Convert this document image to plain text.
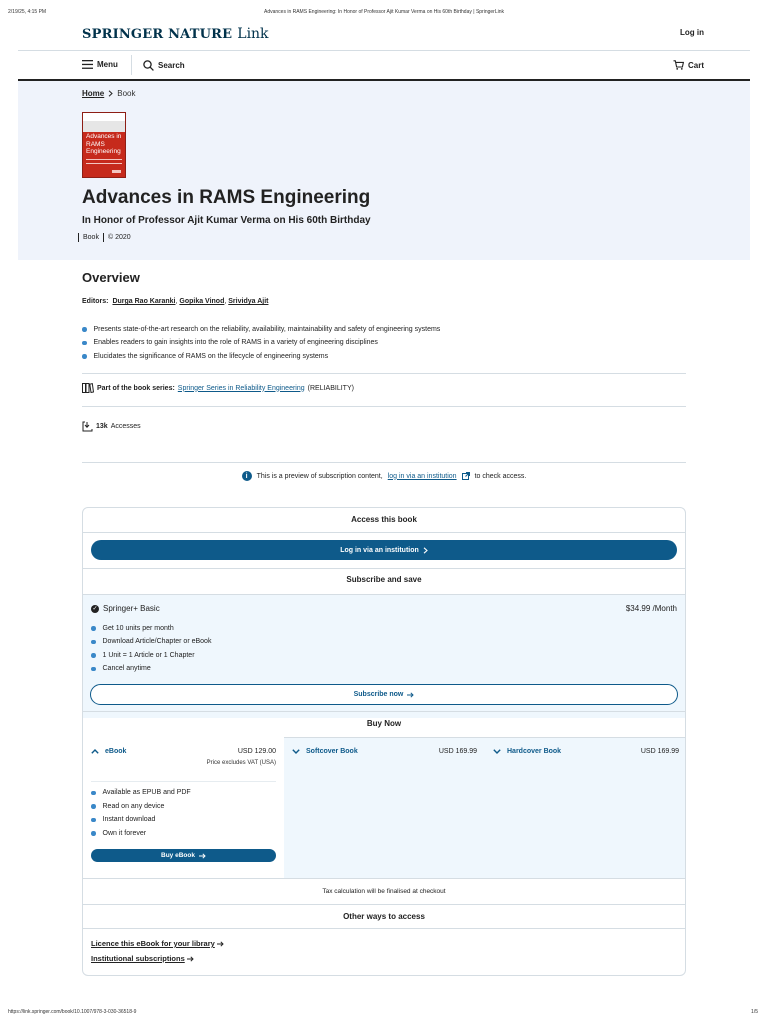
2/19/25, 4:15 PM	Advances in RAMS Engineering: In Honor of Professor Ajit Kumar Verma on His 60th Birthday | SpringerLink
SPRINGER NATURE Link	Log in
Menu	Search	Cart
Home Book
Advances in RAMS Engineering
Advances in RAMS Engineering
In Honor of Professor Ajit Kumar Verma on His 60th Birthday
Book © 2020
Overview
Editors: Durga Rao Karanki, Gopika Vinod, Srividya Ajit
Presents state-of-the-art research on the reliability, availability, maintainability and safety of engineering systems
Enables readers to gain insights into the role of RAMS in a variety of engineering disciplines
Elucidates the significance of RAMS on the lifecycle of engineering systems
Part of the book series: Springer Series in Reliability Engineering (RELIABILITY)
13k Accesses
i	This is a preview of subscription content, log in via an institution	to check access.
Access this book
Log in via an institution
Subscribe and save
✓ Springer+ Basic	$34.99 /Month
Get 10 units per month
Download Article/Chapter or eBook
1 Unit = 1 Article or 1 Chapter
Cancel anytime
Subscribe now
Buy Now
eBook	USD 129.00
Price excludes VAT (USA)
Available as EPUB and PDF
Read on any device
Instant download
Own it forever
Buy eBook
Softcover Book	USD 169.99	Hardcover Book	USD 169.99
Tax calculation will be finalised at checkout
Other ways to access
Licence this eBook for your library
Institutional subscriptions
https://link.springer.com/book/10.1007/978-3-030-36518-9	1/5
